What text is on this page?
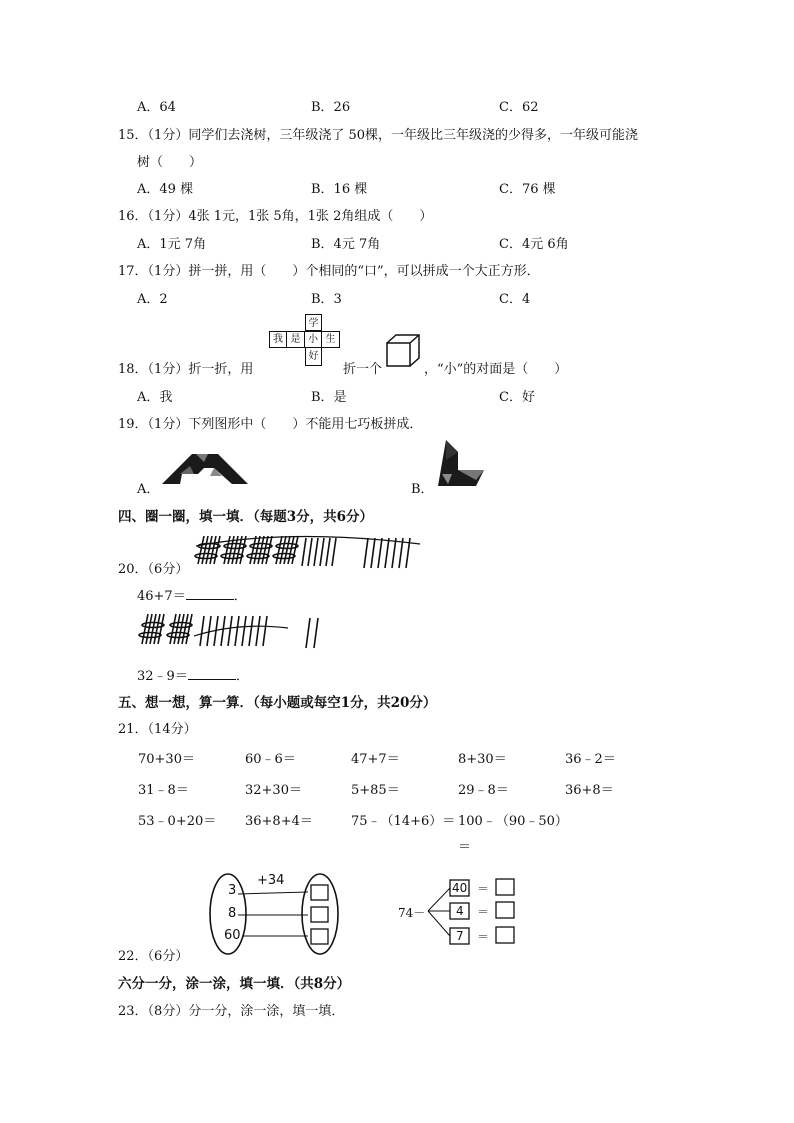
A．64	B．26	C．62
15．（1分）同学们去浇树，三年级浇了 50棵，一年级比三年级浇的少得多，一年级可能浇
树（　　）
A．49 棵	B．16 棵	C．76 棵
16．（1分）4张 1元，1张 5角，1张 2角组成（　　）
A．1元 7角	B．4元 7角	C．4元 6角
17．（1分）拼一拼，用（　　）个相同的“口”，可以拼成一个大正方形．
A．2	B．3	C．4
学
我 是 小 生
好
18．（1分）折一折，用	折一个	，“小”的对面是（　　）
A．我	B．是	C．好
19．（1分）下列图形中（　　）不能用七巧板拼成．
A．	B．
四、圈一圈，填一填．（每题3分，共6分）
20．（6分）
46+7＝	．
32﹣9＝	．
五、想一想，算一算．（每小题或每空1分，共20分）
21．（14分）
70+30＝	60﹣6＝	47+7＝	8+30＝	36﹣2＝
31﹣8＝	32+30＝	5+85＝	29﹣8＝	36+8＝
53﹣0+20＝ 36+8+4＝	75﹣（14+6）＝ 100﹣（90﹣50）
＝
3
8
60
+34
74－
40
4
7
＝
＝
＝
22．（6分）
六分一分，涂一涂，填一填．（共8分）
23．（8分）分一分，涂一涂，填一填．
